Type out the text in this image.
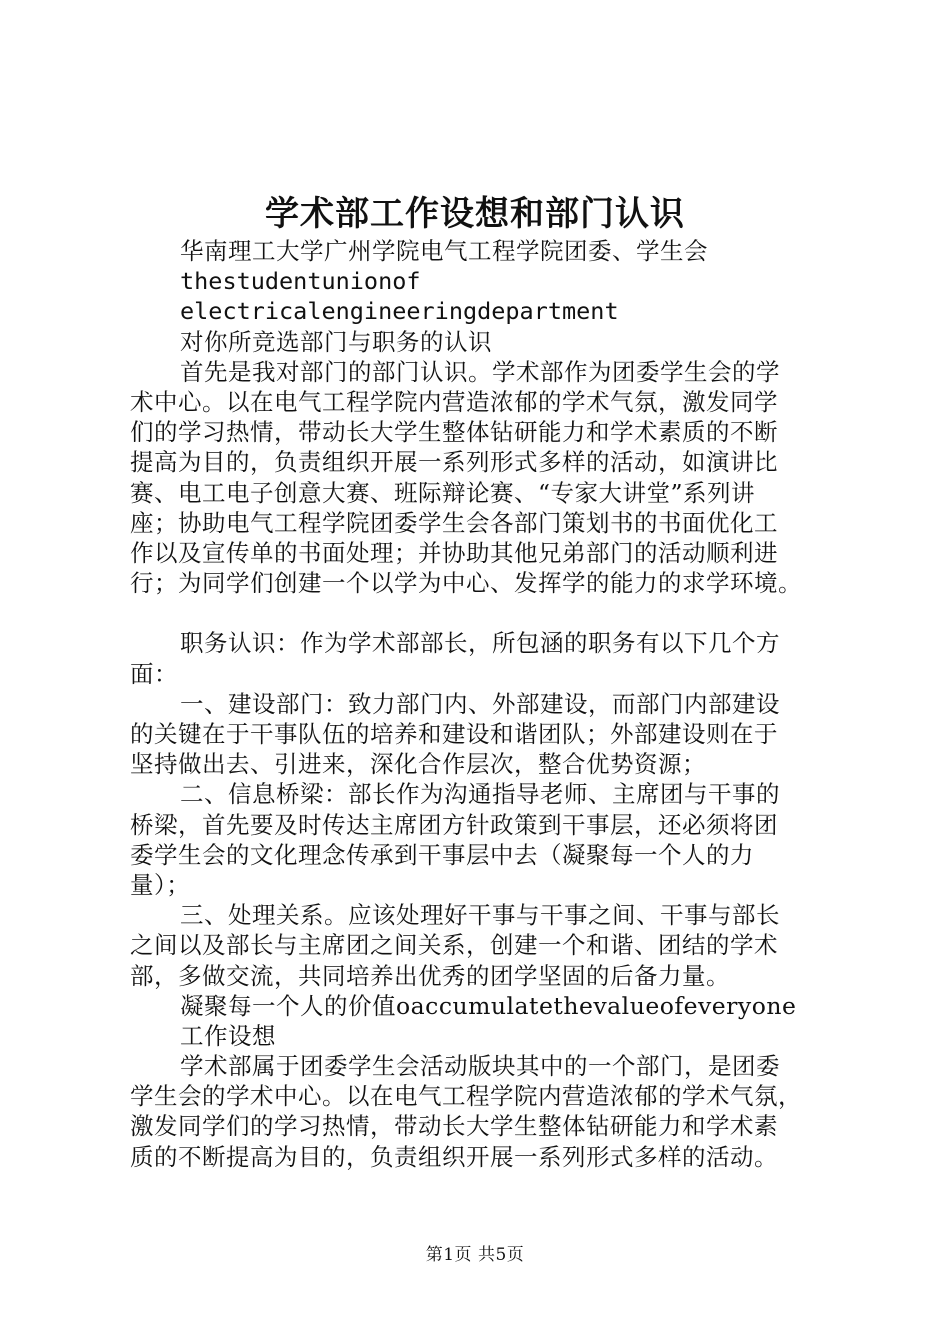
学术部工作设想和部门认识
华南理工大学广州学院电气工程学院团委、学生会
thestudentunionof
electricalengineeringdepartment
对你所竞选部门与职务的认识
首先是我对部门的部门认识。学术部作为团委学生会的学
术中心。以在电气工程学院内营造浓郁的学术气氛，激发同学
们的学习热情，带动长大学生整体钻研能力和学术素质的不断
提高为目的，负责组织开展一系列形式多样的活动，如演讲比
赛、电工电子创意大赛、班际辩论赛、“专家大讲堂”系列讲
座；协助电气工程学院团委学生会各部门策划书的书面优化工
作以及宣传单的书面处理；并协助其他兄弟部门的活动顺利进
行；为同学们创建一个以学为中心、发挥学的能力的求学环境。
职务认识：作为学术部部长，所包涵的职务有以下几个方
面：
一、建设部门：致力部门内、外部建设，而部门内部建设
的关键在于干事队伍的培养和建设和谐团队；外部建设则在于
坚持做出去、引进来，深化合作层次，整合优势资源；
二、信息桥梁：部长作为沟通指导老师、主席团与干事的
桥梁，首先要及时传达主席团方针政策到干事层，还必须将团
委学生会的文化理念传承到干事层中去（凝聚每一个人的力
量）；
三、处理关系。应该处理好干事与干事之间、干事与部长
之间以及部长与主席团之间关系，创建一个和谐、团结的学术
部，多做交流，共同培养出优秀的团学坚固的后备力量。
凝聚每一个人的价值oaccumulatethevalueofeveryone
工作设想
学术部属于团委学生会活动版块其中的一个部门，是团委
学生会的学术中心。以在电气工程学院内营造浓郁的学术气氛，
激发同学们的学习热情，带动长大学生整体钻研能力和学术素
质的不断提高为目的，负责组织开展一系列形式多样的活动。
第1页 共5页
